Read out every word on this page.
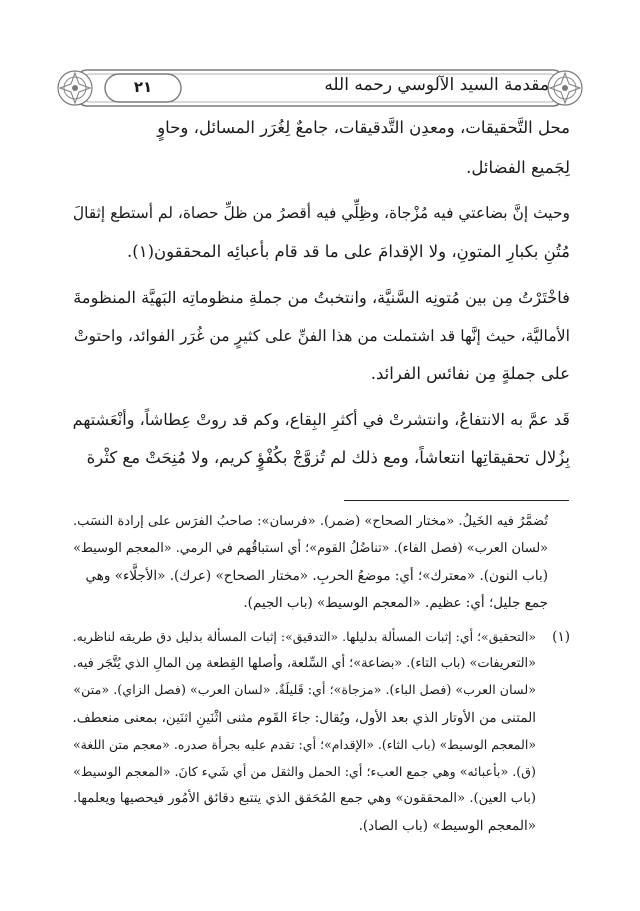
مقدمة السيد الآلوسي رحمه الله
٢١
محل التَّحقيقات، ومعدِن التَّدقيقات، جامعٌ لِغُرَر المسائل، وحاوٍ
لِجَميع الفضائل.
وحيث إنَّ بضاعتي فيه مُزْجاة، وظِلِّي فيه أقصرُ من ظلِّ حصاة، لم أستطع إثقالَ
مُتُنِ بكبارِ المتونِ، ولا الإقدامَ على ما قد قام بأعبائِه المحققون(١).
فاخْتَرْتُ مِن بين مُتونِه السَّنيَّة، وانتخبتُ من جملةِ منظوماتِه البَهيَّة المنظومةَ
الأماليَّة، حيث إنَّها قد اشتملت من هذا الفنِّ على كثيرٍ من غُرَر الفوائد، واحتوتْ
على جملةٍ مِن نفائس الفرائد.
قَد عمَّ به الانتفاعُ، وانتشرتْ في أكثرِ البِقاع، وكم قد روتْ عِطاشاً، وأنْعَشتهم
بِزُلال تحقيقاتِها انتعاشاً، ومع ذلك لم تُزوَّجْ بكُفْؤٍ كريم، ولا مُنِحَتْ مع كثْرة
تُضمَّرُ فيه الخَيلُ. «مختار الصحاح» (ضمر). «فرسان»: صاحبُ الفرَس على إرادة النسَب.
«لسان العرب» (فصل الفاء). «تناضُلُ القوم»؛ أي استباقُهم في الرمي. «المعجم الوسيط»
(باب النون). «معترك»؛ أي: موضعُ الحربِ. «مختار الصحاح» (عرك). «الأجلَّاء» وهي
جمع جليل؛ أي: عظيم. «المعجم الوسيط» (باب الجيم).
(١)
«التحقيق»؛ أي: إثبات المسألة بدليلها. «التدقيق»: إثبات المسألة بدليل دق طريقه لناظريه.
«التعريفات» (باب التاء). «بضاعة»؛ أي السِّلعة، وأصلها القِطعة مِن المالِ الذي يُتَّجَر فيه.
«لسان العرب» (فصل الباء). «مزجاة»؛ أي: قَليلَةٌ. «لسان العرب» (فصل الزاي). «متن»
المتنى من الأوتار الذي بعد الأول، ويُقال: جاءَ القَوم مثنى اثْنَينِ اثنَين، بمعنى منعطف.
«المعجم الوسيط» (باب الثاء). «الإقدام»؛ أي: تقدم عليه بجرأة صدره. «معجم متن اللغة»
(ق). «بأعبائه» وهي جمع العبء؛ أي: الحمل والثقل من أي شَيء كانَ. «المعجم الوسيط»
(باب العين). «المحققون» وهي جمع المُحَقق الذي يتتبع دقائق الأمُور فيحصيها ويعلمها.
«المعجم الوسيط» (باب الصاد).
